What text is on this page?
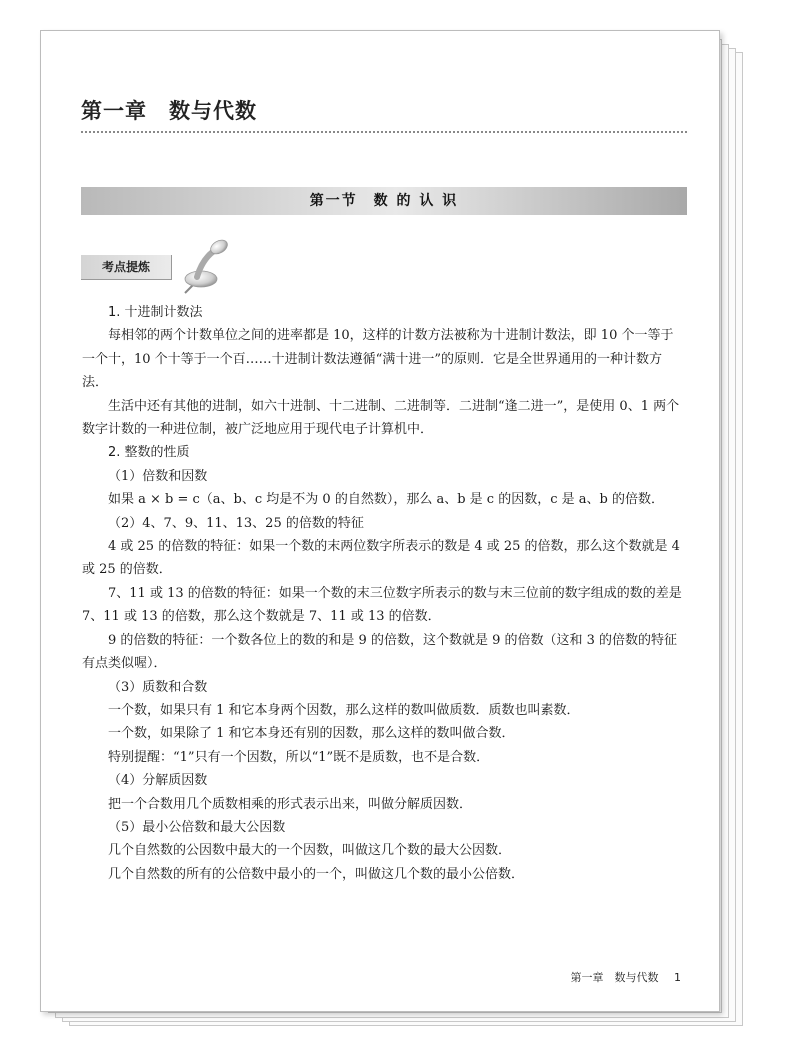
第一章　数与代数
第一节　数 的 认 识
考点提炼

1. 十进制计数法

每相邻的两个计数单位之间的进率都是 10，这样的计数方法被称为十进制计数法，即 10 个一等于一个十，10 个十等于一个百……十进制计数法遵循“满十进一”的原则．它是全世界通用的一种计数方法．

生活中还有其他的进制，如六十进制、十二进制、二进制等．二进制“逢二进一”，是使用 0、1 两个数字计数的一种进位制，被广泛地应用于现代电子计算机中．

2. 整数的性质

（1）倍数和因数

如果 a × b = c（a、b、c 均是不为 0 的自然数），那么 a、b 是 c 的因数，c 是 a、b 的倍数．

（2）4、7、9、11、13、25 的倍数的特征

4 或 25 的倍数的特征：如果一个数的末两位数字所表示的数是 4 或 25 的倍数，那么这个数就是 4 或 25 的倍数．

7、11 或 13 的倍数的特征：如果一个数的末三位数字所表示的数与末三位前的数字组成的数的差是 7、11 或 13 的倍数，那么这个数就是 7、11 或 13 的倍数．

9 的倍数的特征：一个数各位上的数的和是 9 的倍数，这个数就是 9 的倍数（这和 3 的倍数的特征有点类似喔）．

（3）质数和合数

一个数，如果只有 1 和它本身两个因数，那么这样的数叫做质数．质数也叫素数．

一个数，如果除了 1 和它本身还有别的因数，那么这样的数叫做合数．

特别提醒：“1”只有一个因数，所以“1”既不是质数，也不是合数．

（4）分解质因数

把一个合数用几个质数相乘的形式表示出来，叫做分解质因数．

（5）最小公倍数和最大公因数

几个自然数的公因数中最大的一个因数，叫做这几个数的最大公因数．

几个自然数的所有的公倍数中最小的一个，叫做这几个数的最小公倍数．

第一章　数与代数 1
